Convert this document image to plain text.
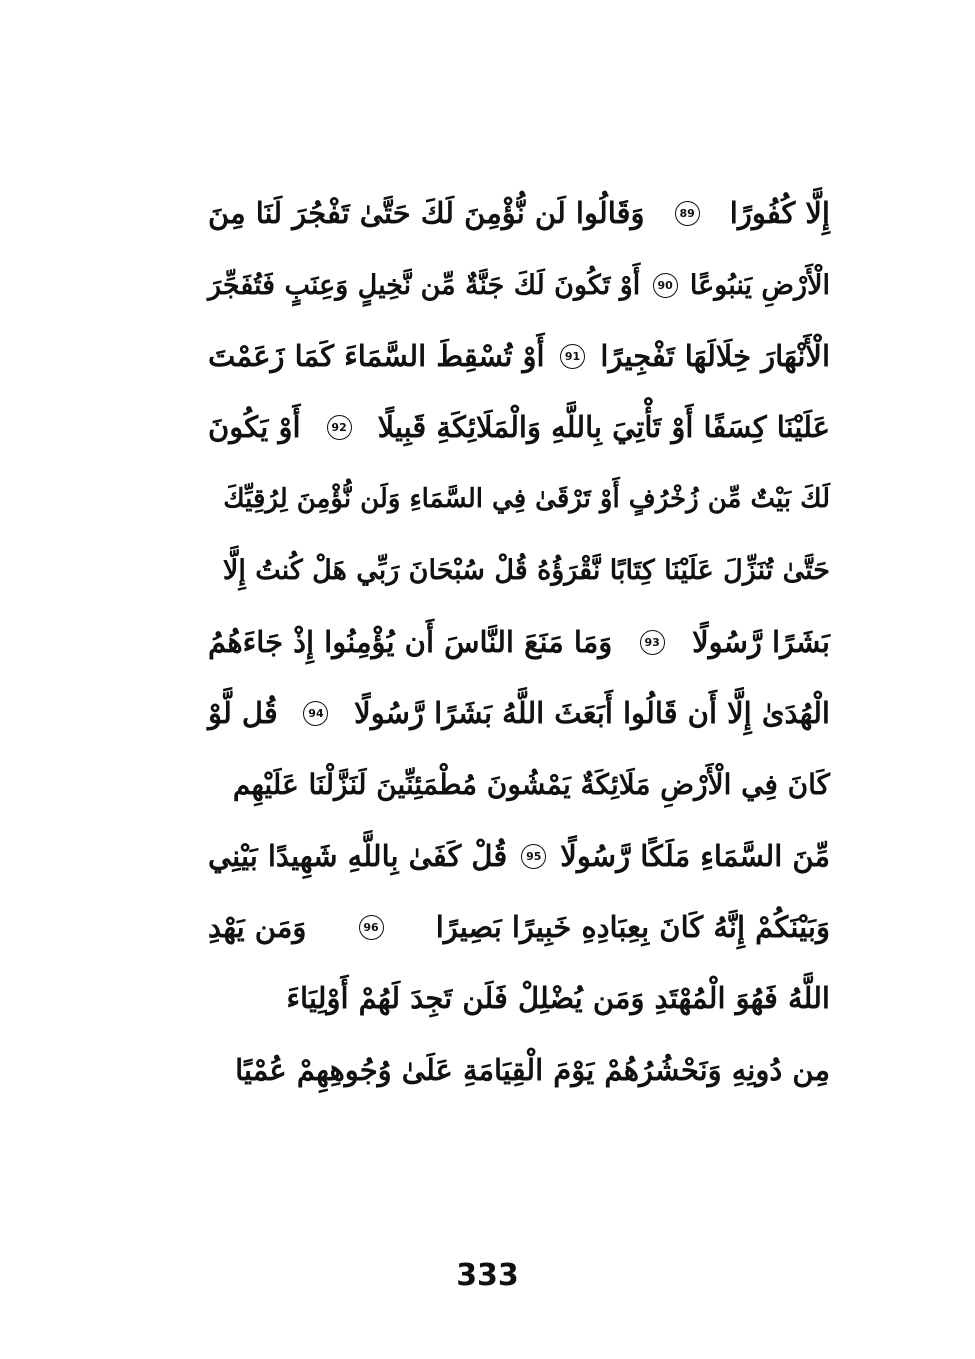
إِلَّا كُفُورًا
89
وَقَالُوا لَن نُّؤْمِنَ لَكَ حَتَّىٰ تَفْجُرَ لَنَا مِنَ
الْأَرْضِ يَنبُوعًا
90
أَوْ تَكُونَ لَكَ جَنَّةٌ مِّن نَّخِيلٍ وَعِنَبٍ فَتُفَجِّرَ
الْأَنْهَارَ خِلَالَهَا تَفْجِيرًا
91
أَوْ تُسْقِطَ السَّمَاءَ كَمَا زَعَمْتَ
عَلَيْنَا كِسَفًا أَوْ تَأْتِيَ بِاللَّهِ وَالْمَلَائِكَةِ قَبِيلًا
92
أَوْ يَكُونَ
لَكَ بَيْتٌ مِّن زُخْرُفٍ أَوْ تَرْقَىٰ فِي السَّمَاءِ وَلَن نُّؤْمِنَ لِرُقِيِّكَ
حَتَّىٰ تُنَزِّلَ عَلَيْنَا كِتَابًا نَّقْرَؤُهُ قُلْ سُبْحَانَ رَبِّي هَلْ كُنتُ إِلَّا
بَشَرًا رَّسُولًا
93
وَمَا مَنَعَ النَّاسَ أَن يُؤْمِنُوا إِذْ جَاءَهُمُ
الْهُدَىٰ إِلَّا أَن قَالُوا أَبَعَثَ اللَّهُ بَشَرًا رَّسُولًا
94
قُل لَّوْ
كَانَ فِي الْأَرْضِ مَلَائِكَةٌ يَمْشُونَ مُطْمَئِنِّينَ لَنَزَّلْنَا عَلَيْهِم
مِّنَ السَّمَاءِ مَلَكًا رَّسُولًا
95
قُلْ كَفَىٰ بِاللَّهِ شَهِيدًا بَيْنِي
وَبَيْنَكُمْ إِنَّهُ كَانَ بِعِبَادِهِ خَبِيرًا بَصِيرًا
96
وَمَن يَهْدِ
اللَّهُ فَهُوَ الْمُهْتَدِ وَمَن يُضْلِلْ فَلَن تَجِدَ لَهُمْ أَوْلِيَاءَ
مِن دُونِهِ وَنَحْشُرُهُمْ يَوْمَ الْقِيَامَةِ عَلَىٰ وُجُوهِهِمْ عُمْيًا
333
